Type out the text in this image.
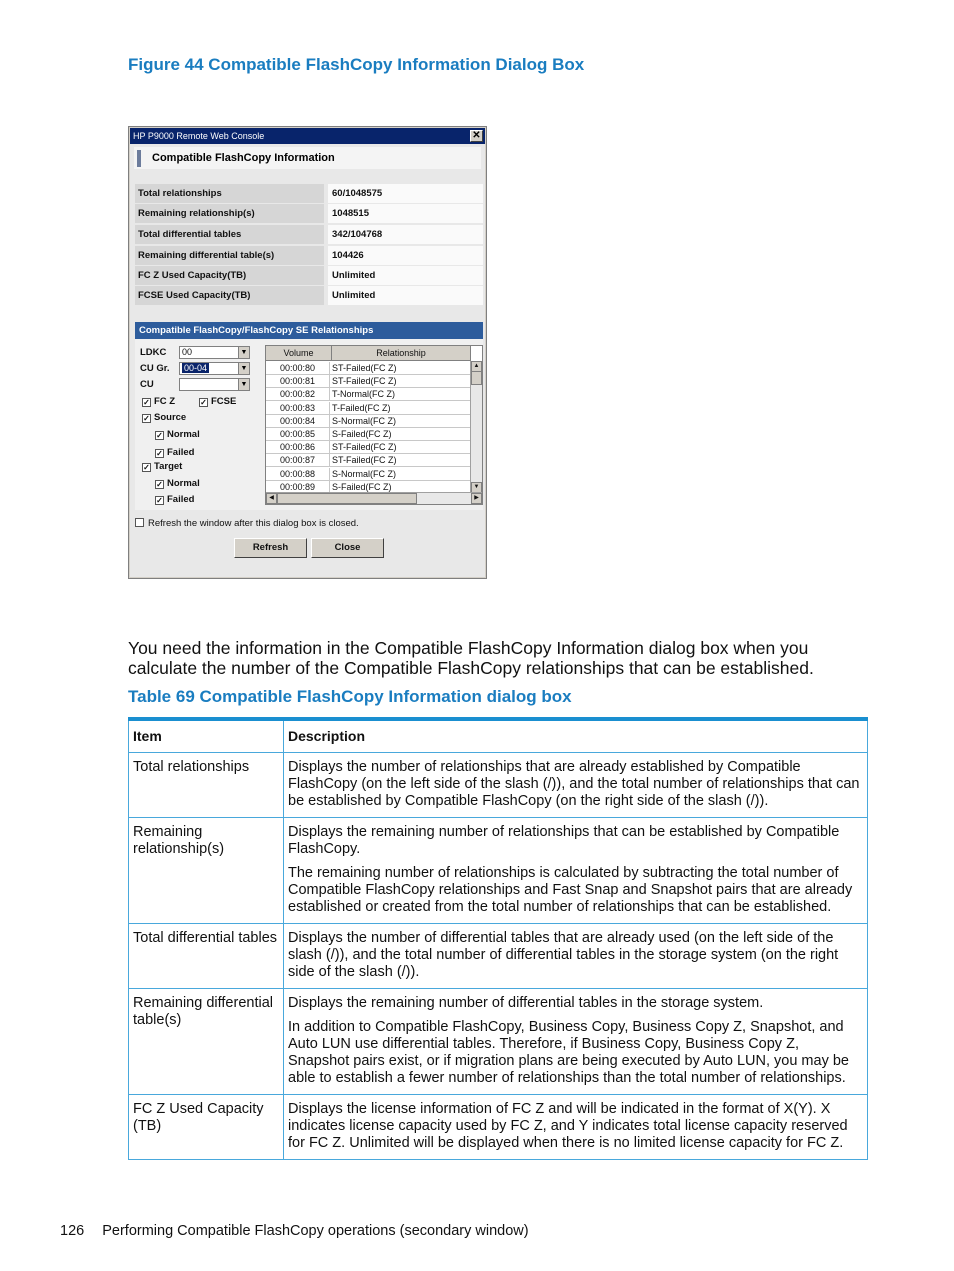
Figure 44 Compatible FlashCopy Information Dialog Box
HP P9000 Remote Web Console	✕
Compatible FlashCopy Information
Total relationships	60/1048575
Remaining relationship(s)	1048515
Total differential tables	342/104768
Remaining differential table(s)	104426
FC Z Used Capacity(TB)	Unlimited
FCSE Used Capacity(TB)	Unlimited
Compatible FlashCopy/FlashCopy SE Relationships
LDKC	00	▼
CU Gr.	00-04	▼
CU	▼
✓ FC Z	✓ FCSE
✓ Source
✓ Normal
✓ Failed
✓ Target
✓ Normal
✓ Failed
Volume	Relationship
00:00:80	ST-Failed(FC Z)
00:00:81	ST-Failed(FC Z)
00:00:82	T-Normal(FC Z)
00:00:83	T-Failed(FC Z)
00:00:84	S-Normal(FC Z)
00:00:85	S-Failed(FC Z)
00:00:86	ST-Failed(FC Z)
00:00:87	ST-Failed(FC Z)
00:00:88	S-Normal(FC Z)
00:00:89	S-Failed(FC Z)
▲
▼
◀	▶
Refresh the window after this dialog box is closed.
Refresh	Close
You need the information in the Compatible FlashCopy Information dialog box when you calculate the number of the Compatible FlashCopy relationships that can be established.
Table 69 Compatible FlashCopy Information dialog box
Item	Description
Total relationships	Displays the number of relationships that are already established by Compatible FlashCopy (on the left side of the slash (/)), and the total number of relationships that can be established by Compatible FlashCopy (on the right side of the slash (/)).

Remaining relationship(s)	Displays the remaining number of relationships that can be established by Compatible FlashCopy.

The remaining number of relationships is calculated by subtracting the total number of Compatible FlashCopy relationships and Fast Snap and Snapshot pairs that are already established or created from the total number of relationships that can be established.

Total differential tables	Displays the number of differential tables that are already used (on the left side of the slash (/)), and the total number of differential tables in the storage system (on the right side of the slash (/)).

Remaining differential table(s)	Displays the remaining number of differential tables in the storage system.

In addition to Compatible FlashCopy, Business Copy, Business Copy Z, Snapshot, and Auto LUN use differential tables. Therefore, if Business Copy, Business Copy Z, Snapshot pairs exist, or if migration plans are being executed by Auto LUN, you may be able to establish a fewer number of relationships than the total number of relationships.

FC Z Used Capacity (TB)	Displays the license information of FC Z and will be indicated in the format of X(Y). X indicates license capacity used by FC Z, and Y indicates total license capacity reserved for FC Z. Unlimited will be displayed when there is no limited license capacity for FC Z.

126 Performing Compatible FlashCopy operations (secondary window)
